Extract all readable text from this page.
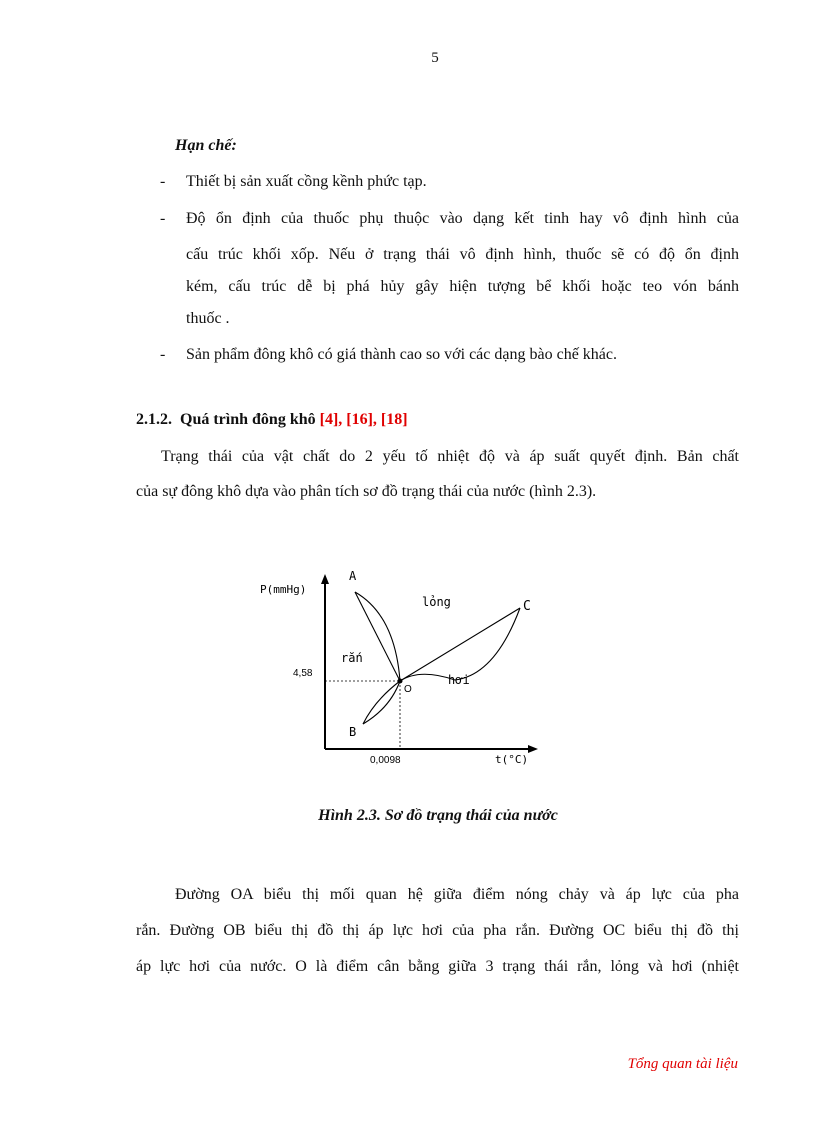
5
Hạn chế:
-	Thiết bị sản xuất cồng kềnh phức tạp.
-	Độ ổn định của thuốc phụ thuộc vào dạng kết tinh hay vô định hình của
cấu trúc khối xốp. Nếu ở trạng thái vô định hình, thuốc sẽ có độ ổn định
kém, cấu trúc dễ bị phá hủy gây hiện tượng bể khối hoặc teo vón bánh
thuốc .
-	Sản phẩm đông khô có giá thành cao so với các dạng bào chế khác.
2.1.2. Quá trình đông khô [4], [16], [18]
Trạng thái của vật chất do 2 yếu tố nhiệt độ và áp suất quyết định. Bản chất
của sự đông khô dựa vào phân tích sơ đồ trạng thái của nước (hình 2.3).
P(mmHg)
t(°C)
4,58
0,0098
A
B
C
O
rắn
lỏng
hơi
Hình 2.3. Sơ đồ trạng thái của nước
Đường OA biểu thị mối quan hệ giữa điểm nóng chảy và áp lực của pha
rắn. Đường OB biểu thị đồ thị áp lực hơi của pha rắn. Đường OC biểu thị đồ thị
áp lực hơi của nước. O là điểm cân bằng giữa 3 trạng thái rắn, lỏng và hơi (nhiệt
Tổng quan tài liệu
